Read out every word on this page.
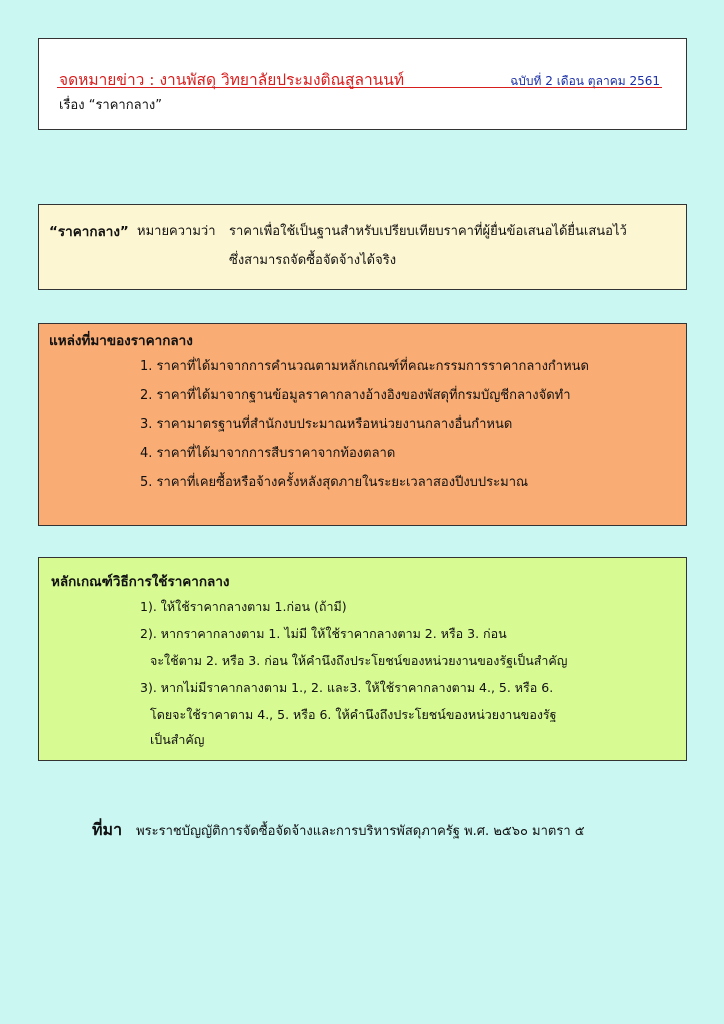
จดหมายข่าว : งานพัสดุ วิทยาลัยประมงติณสูลานนท์	ฉบับที่ 2 เดือน ตุลาคม 2561
เรื่อง “ราคากลาง”
“ราคากลาง” หมายความว่า ราคาเพื่อใช้เป็นฐานสำหรับเปรียบเทียบราคาที่ผู้ยื่นข้อเสนอได้ยื่นเสนอไว้
ซึ่งสามารถจัดซื้อจัดจ้างได้จริง
แหล่งที่มาของราคากลาง
1. ราคาที่ได้มาจากการคำนวณตามหลักเกณฑ์ที่คณะกรรมการราคากลางกำหนด
2. ราคาที่ได้มาจากฐานข้อมูลราคากลางอ้างอิงของพัสดุที่กรมบัญชีกลางจัดทำ
3. ราคามาตรฐานที่สำนักงบประมาณหรือหน่วยงานกลางอื่นกำหนด
4. ราคาที่ได้มาจากการสืบราคาจากท้องตลาด
5. ราคาที่เคยซื้อหรือจ้างครั้งหลังสุดภายในระยะเวลาสองปีงบประมาณ
หลักเกณฑ์วิธีการใช้ราคากลาง
1). ให้ใช้ราคากลางตาม 1.ก่อน (ถ้ามี)
2). หากราคากลางตาม 1. ไม่มี ให้ใช้ราคากลางตาม 2. หรือ 3. ก่อน
จะใช้ตาม 2. หรือ 3. ก่อน ให้คำนึงถึงประโยชน์ของหน่วยงานของรัฐเป็นสำคัญ
3). หากไม่มีราคากลางตาม 1., 2. และ3. ให้ใช้ราคากลางตาม 4., 5. หรือ 6.
โดยจะใช้ราคาตาม 4., 5. หรือ 6. ให้คำนึงถึงประโยชน์ของหน่วยงานของรัฐ
เป็นสำคัญ
ที่มา พระราชบัญญัติการจัดซื้อจัดจ้างและการบริหารพัสดุภาครัฐ พ.ศ. ๒๕๖๐ มาตรา ๕
